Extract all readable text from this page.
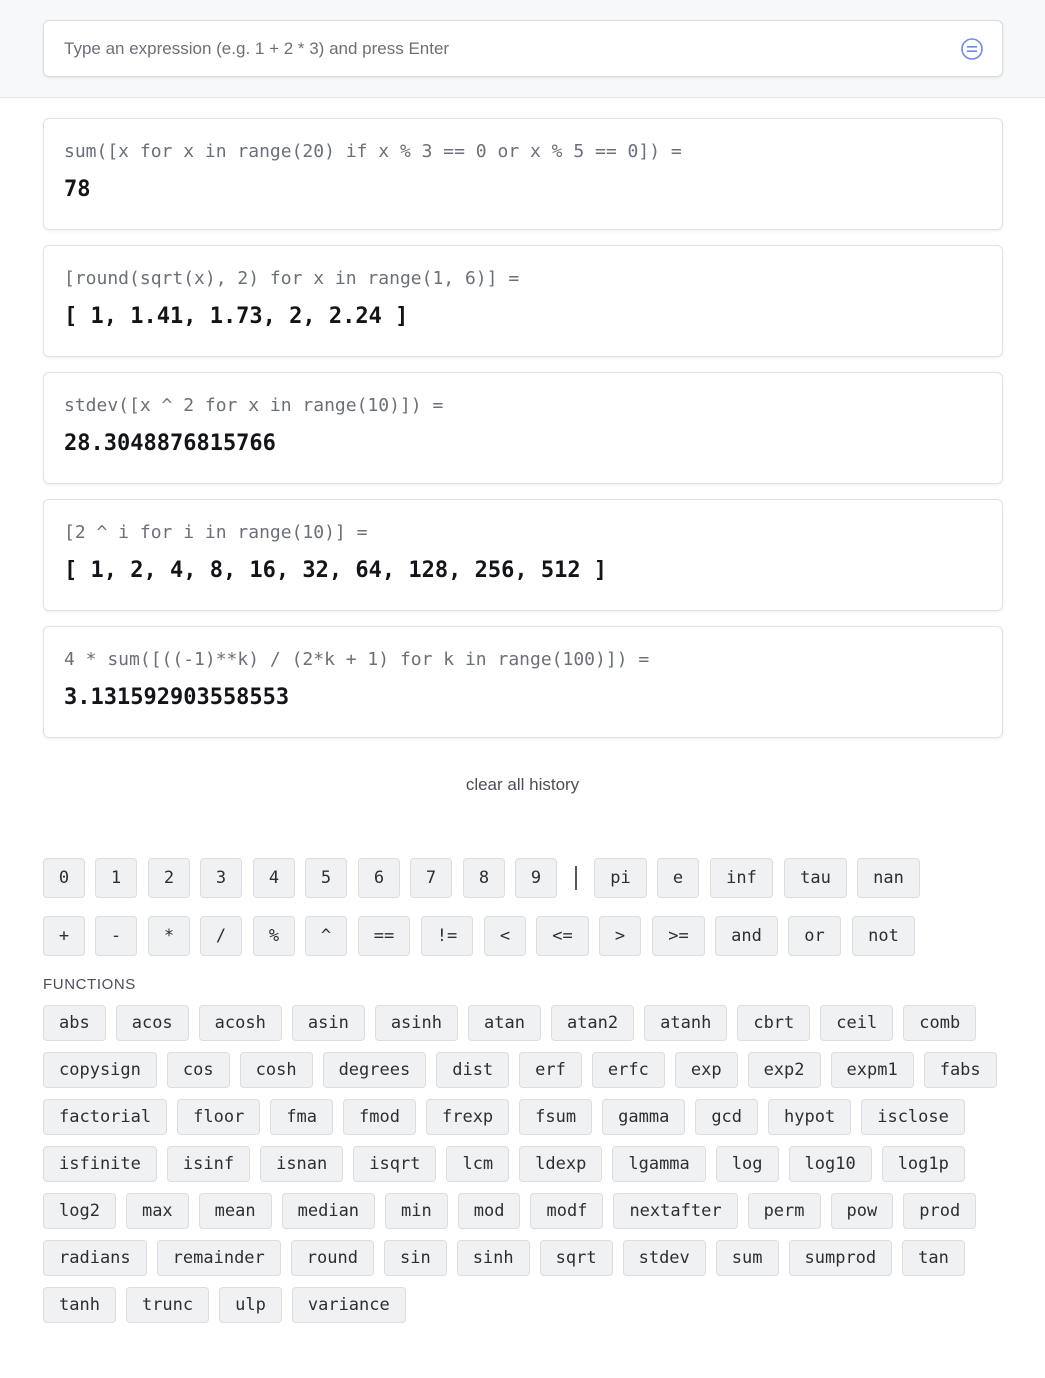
Type an expression (e.g. 1 + 2 * 3) and press Enter
sum([x for x in range(20) if x % 3 == 0 or x % 5 == 0]) =
78
[round(sqrt(x), 2) for x in range(1, 6)] =
[ 1, 1.41, 1.73, 2, 2.24 ]
stdev([x ^ 2 for x in range(10)]) =
28.3048876815766
[2 ^ i for i in range(10)] =
[ 1, 2, 4, 8, 16, 32, 64, 128, 256, 512 ]
4 * sum([((-1)**k) / (2*k + 1) for k in range(100)]) =
3.131592903558553
clear all history
0	1	2	3	4	5	6	7	8	9	pi	e	inf	tau	nan
+	-	*	/	%	^	==	!=	<	<=	>	>=	and	or	not
FUNCTIONS
abs	acos	acosh	asin	asinh	atan	atan2	atanh	cbrt	ceil	comb
copysign	cos	cosh	degrees	dist	erf	erfc	exp	exp2	expm1	fabs
factorial	floor	fma	fmod	frexp	fsum	gamma	gcd	hypot	isclose
isfinite	isinf	isnan	isqrt	lcm	ldexp	lgamma	log	log10	log1p
log2	max	mean	median	min	mod	modf	nextafter	perm	pow	prod
radians	remainder	round	sin	sinh	sqrt	stdev	sum	sumprod	tan
tanh	trunc	ulp	variance
